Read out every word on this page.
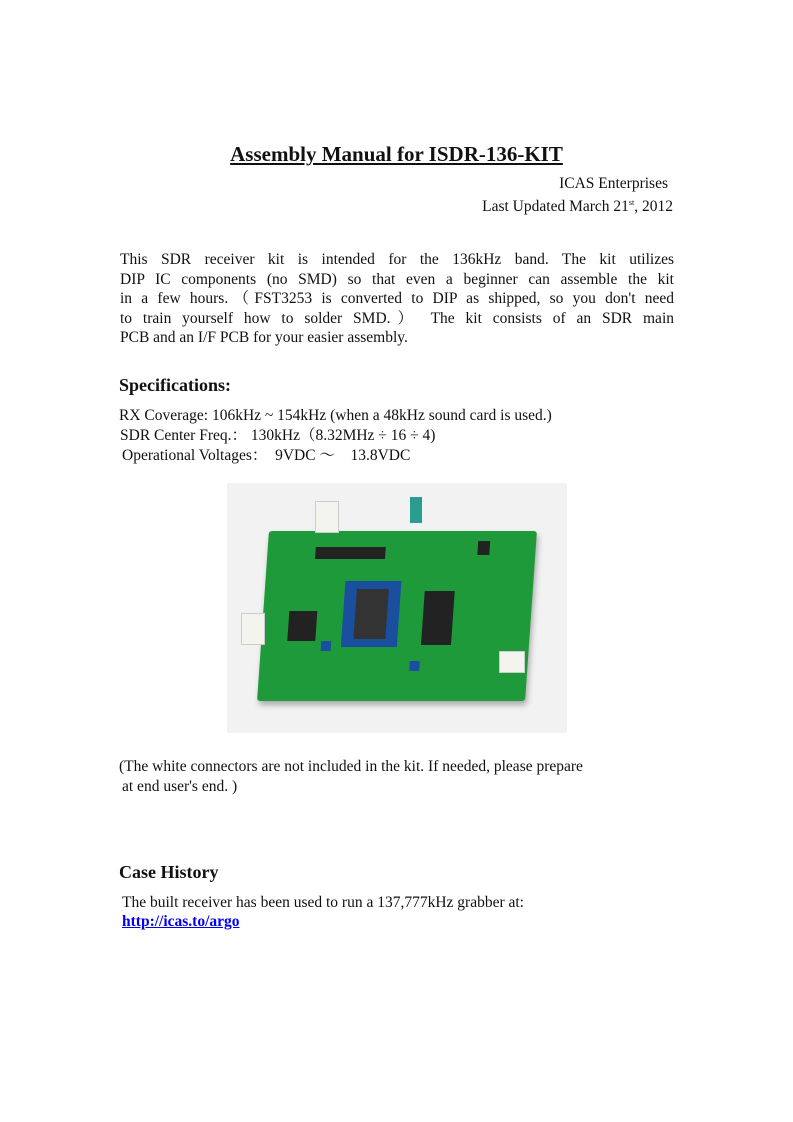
Assembly Manual for ISDR-136-KIT
ICAS Enterprises
Last Updated March 21st, 2012
This SDR receiver kit is intended for the 136kHz band. The kit utilizes
DIP IC components (no SMD) so that even a beginner can assemble the kit
in a few hours.（FST3253 is converted to DIP as shipped, so you don't need
to train yourself how to solder SMD.） The kit consists of an SDR main
PCB and an I/F PCB for your easier assembly.
Specifications:
RX Coverage: 106kHz ~ 154kHz (when a 48kHz sound card is used.)
SDR Center Freq.： 130kHz（8.32MHz ÷ 16 ÷ 4)
Operational Voltages：　9VDC ～　13.8VDC
(The white connectors are not included in the kit. If needed, please prepare
at end user's end. )
Case History
The built receiver has been used to run a 137,777kHz grabber at:
http://icas.to/argo
